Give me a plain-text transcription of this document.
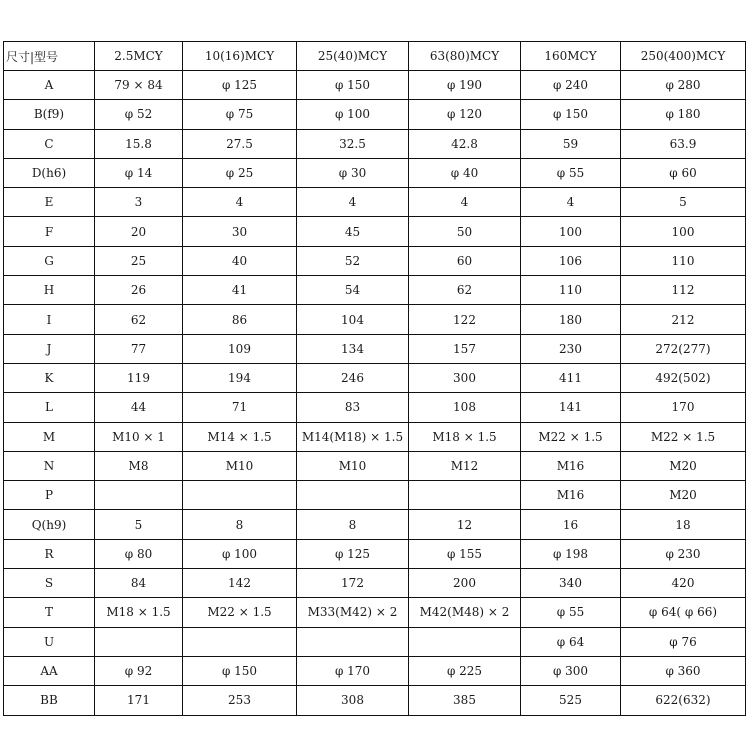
尺寸|型号	2.5MCY	10(16)MCY	25(40)MCY	63(80)MCY	160MCY	250(400)MCY
A	79 × 84	φ 125	φ 150	φ 190	φ 240	φ 280
B(f9)	φ 52	φ 75	φ 100	φ 120	φ 150	φ 180
C	15.8	27.5	32.5	42.8	59	63.9
D(h6)	φ 14	φ 25	φ 30	φ 40	φ 55	φ 60
E	3	4	4	4	4	5
F	20	30	45	50	100	100
G	25	40	52	60	106	110
H	26	41	54	62	110	112
I	62	86	104	122	180	212
J	77	109	134	157	230	272(277)
K	119	194	246	300	411	492(502)
L	44	71	83	108	141	170
M	M10 × 1	M14 × 1.5	M14(M18) × 1.5	M18 × 1.5	M22 × 1.5	M22 × 1.5
N	M8	M10	M10	M12	M16	M20
P					M16	M20
Q(h9)	5	8	8	12	16	18
R	φ 80	φ 100	φ 125	φ 155	φ 198	φ 230
S	84	142	172	200	340	420
T	M18 × 1.5	M22 × 1.5	M33(M42) × 2	M42(M48) × 2	φ 55	φ 64( φ 66)
U					φ 64	φ 76
AA	φ 92	φ 150	φ 170	φ 225	φ 300	φ 360
BB	171	253	308	385	525	622(632)
